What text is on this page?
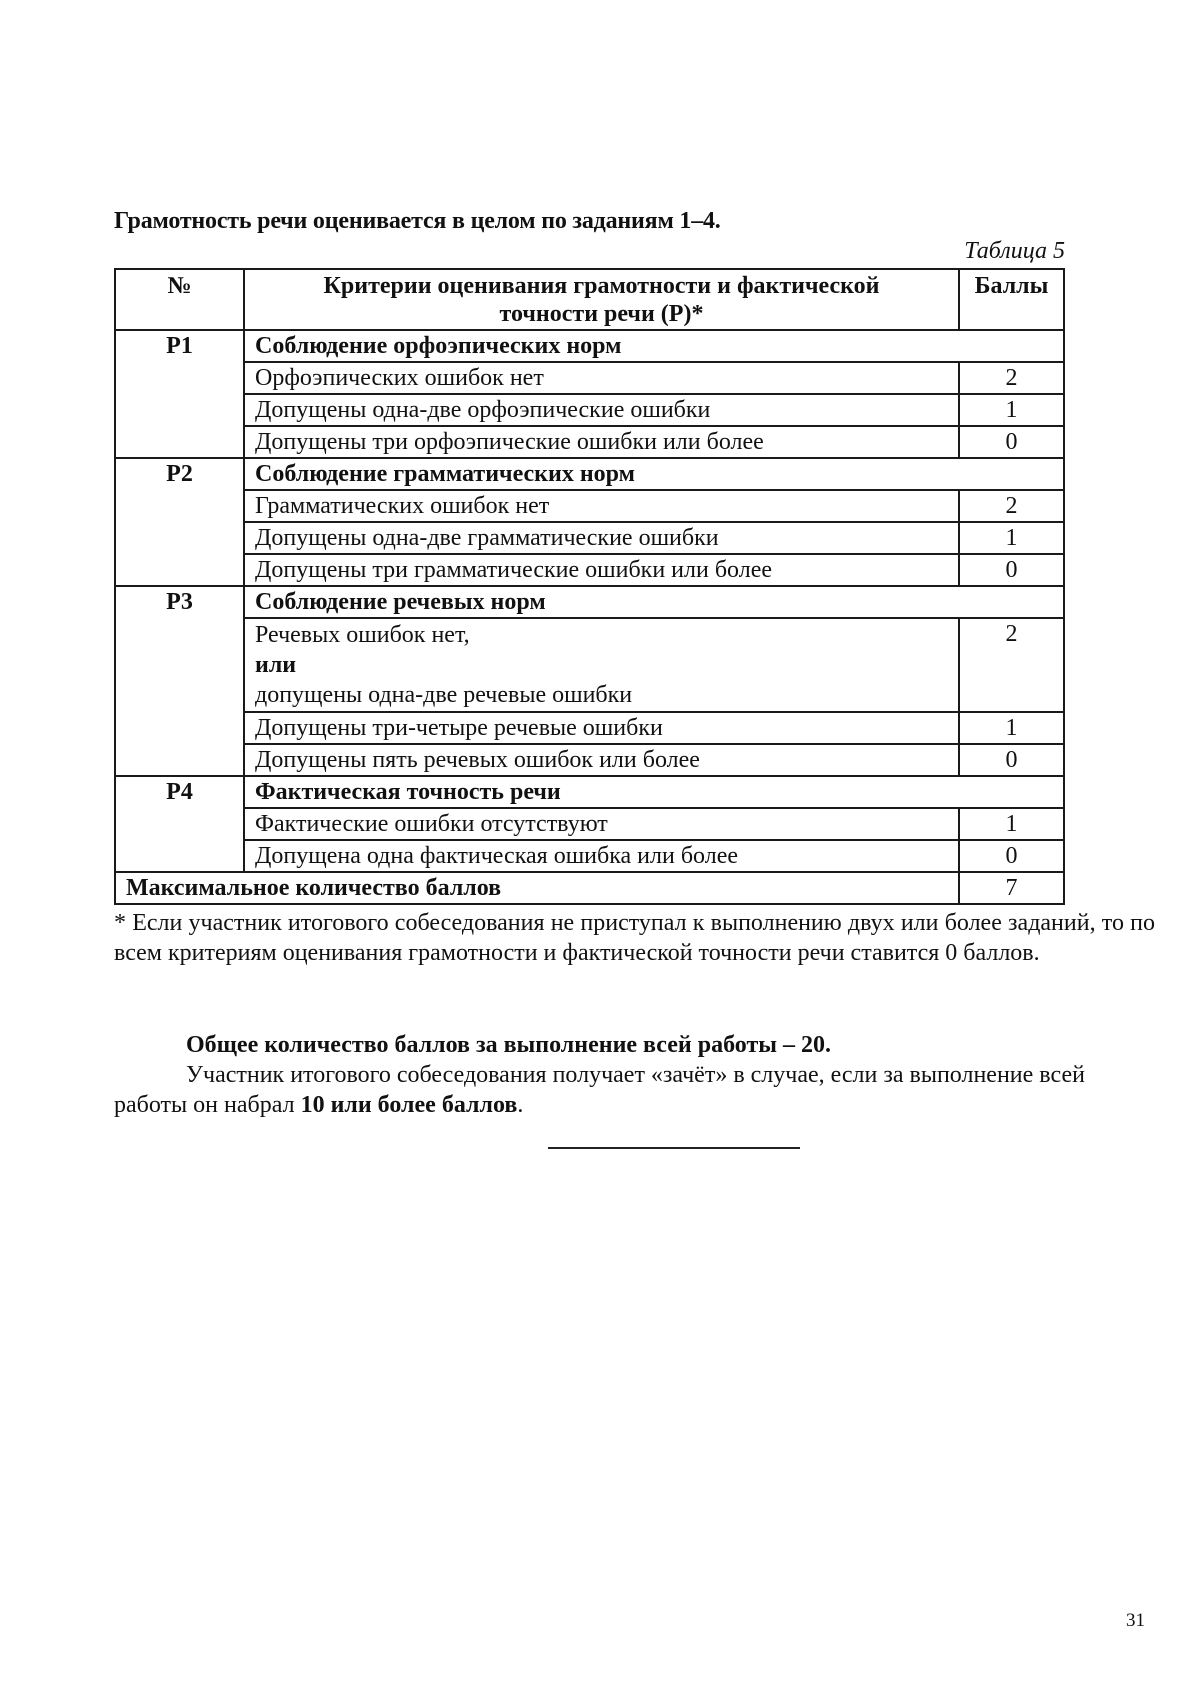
Грамотность речи оценивается в целом по заданиям 1–4.
Таблица 5
№	Критерии оценивания грамотности и фактической точности речи (Р)*	Баллы
Р1	Соблюдение орфоэпических норм	
	Орфоэпических ошибок нет	2
	Допущены одна-две орфоэпические ошибки	1
	Допущены три орфоэпические ошибки или более	0
Р2	Соблюдение грамматических норм	
	Грамматических ошибок нет	2
	Допущены одна-две грамматические ошибки	1
	Допущены три грамматические ошибки или более	0
Р3	Соблюдение речевых норм	

	Речевых ошибок нет,
или
допущены одна-две речевые ошибки	2
	Допущены три-четыре речевые ошибки	1
	Допущены пять речевых ошибок или более	0
Р4	Фактическая точность речи	
	Фактические ошибки отсутствуют	1
	Допущена одна фактическая ошибка или более	0
Максимальное количество баллов		7
* Если участник итогового собеседования не приступал к выполнению двух или более заданий, то по всем критериям оценивания грамотности и фактической точности речи ставится 0 баллов.
Общее количество баллов за выполнение всей работы – 20.
Участник итогового собеседования получает «зачёт» в случае, если за выполнение всей работы он набрал 10 или более баллов.
31
